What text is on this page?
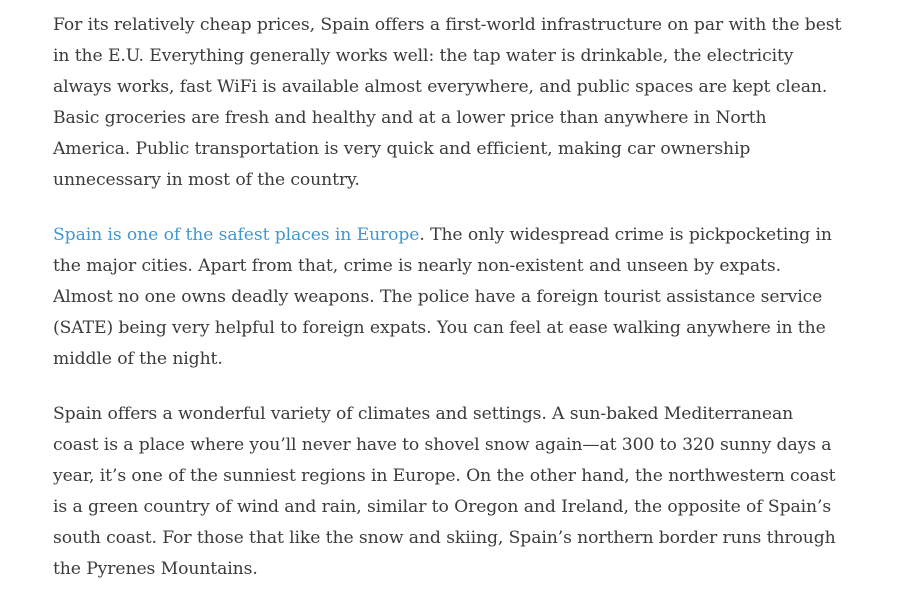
For its relatively cheap prices, Spain offers a first-world infrastructure on par with the best in the E.U. Everything generally works well: the tap water is drinkable, the electricity always works, fast WiFi is available almost everywhere, and public spaces are kept clean. Basic groceries are fresh and healthy and at a lower price than anywhere in North America. Public transportation is very quick and efficient, making car ownership unnecessary in most of the country.

Spain is one of the safest places in Europe. The only widespread crime is pickpocketing in the major cities. Apart from that, crime is nearly non-existent and unseen by expats. Almost no one owns deadly weapons. The police have a foreign tourist assistance service (SATE) being very helpful to foreign expats. You can feel at ease walking anywhere in the middle of the night.

Spain offers a wonderful variety of climates and settings. A sun-baked Mediterranean coast is a place where you’ll never have to shovel snow again—at 300 to 320 sunny days a year, it’s one of the sunniest regions in Europe. On the other hand, the northwestern coast is a green country of wind and rain, similar to Oregon and Ireland, the opposite of Spain’s south coast. For those that like the snow and skiing, Spain’s northern border runs through the Pyrenes Mountains.
